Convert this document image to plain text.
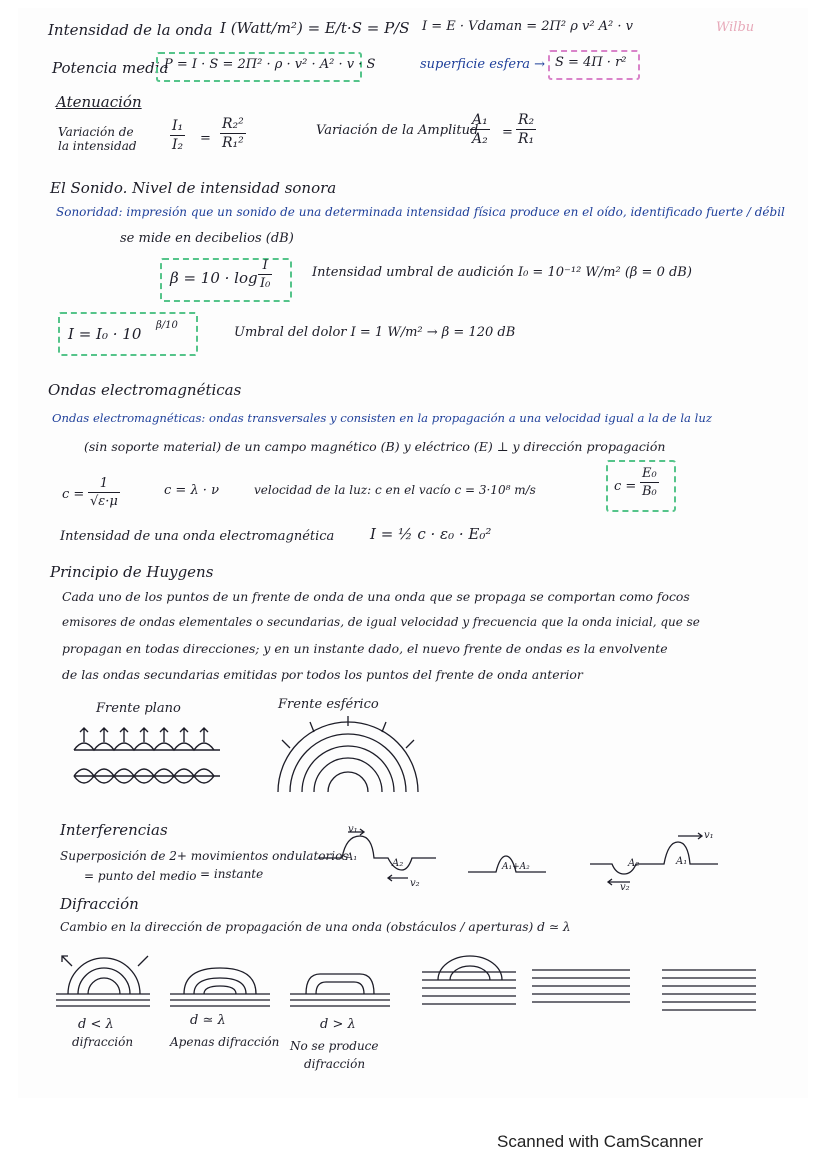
Intensidad de la onda I (Watt/m²) = E/t·S = P/S I = E · Vdaman = 2Π² ρ v² A² · v	Wilbu
Potencia media
P = I · S = 2Π² · ρ · v² · A² · v · S	superficie esfera → S = 4Π · r²
Atenuación
Variación de la intensidad
I₁
I₂ =
R₂²
R₁²
Variación de la Amplitud
A₁
A₂ =
R₂
R₁
El Sonido. Nivel de intensidad sonora
Sonoridad: impresión que un sonido de una determinada intensidad física produce en el oído, identificado fuerte / débil
se mide en decibelios (dB)
β = 10 · log
I
I₀
Intensidad umbral de audición I₀ = 10⁻¹² W/m² (β = 0 dB)
I = I₀ · 10 β/10	Umbral del dolor I = 1 W/m² → β = 120 dB
Ondas electromagnéticas
Ondas electromagnéticas: ondas transversales y consisten en la propagación a una velocidad igual a la de la luz
(sin soporte material) de un campo magnético (B) y eléctrico (E) ⊥ y dirección propagación
c =
1
√ε·μ
c = λ · ν	velocidad de la luz: c en el vacío c = 3·10⁸ m/s	c =
E₀
B₀
Intensidad de una onda electromagnética I = ½ c · ε₀ · E₀²
Principio de Huygens
Cada uno de los puntos de un frente de onda de una onda que se propaga se comportan como focos
emisores de ondas elementales o secundarias, de igual velocidad y frecuencia que la onda inicial, que se
propagan en todas direcciones; y en un instante dado, el nuevo frente de ondas es la envolvente
de las ondas secundarias emitidas por todos los puntos del frente de onda anterior
Frente plano	Frente esférico
Interferencias
Superposición de 2+ movimientos ondulatorios
= punto del medio = instante
v₁
A₁
A₂
v₂
A₁+A₂
v₁
A₂	A₁
v₂
Difracción
Cambio en la dirección de propagación de una onda (obstáculos / aperturas) d ≃ λ
d < λ
difracción
d ≃ λ
Apenas difracción
d > λ
No se produce
difracción
Scanned with CamScanner
